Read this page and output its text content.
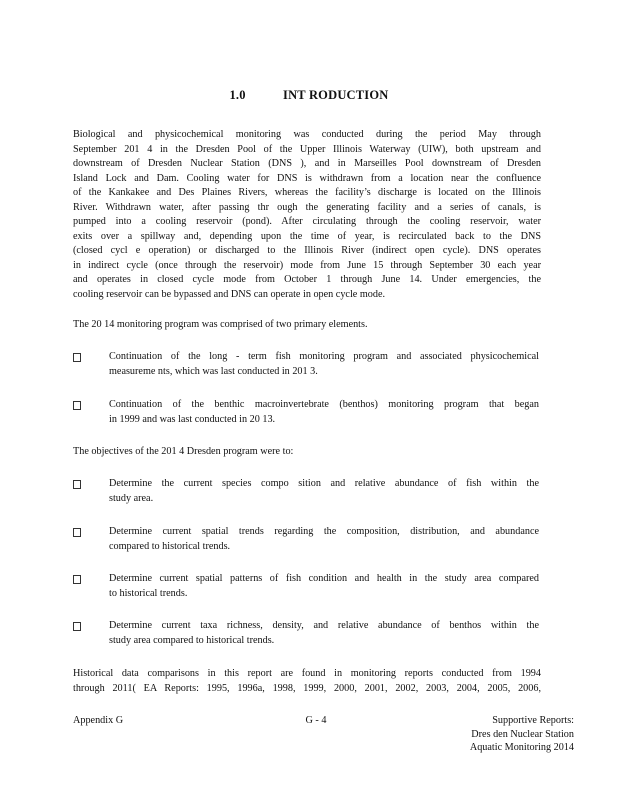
1.0	INT RODUCTION
Biological and physicochemical monitoring was conducted during the period May through
September 201 4 in the Dresden Pool of the Upper Illinois Waterway (UIW), both upstream and
downstream of Dresden Nuclear Station (DNS ), and in Marseilles Pool downstream of Dresden
Island Lock and Dam. Cooling water for DNS is withdrawn from a location near the confluence
of the Kankakee and Des Plaines Rivers, whereas the facility’s discharge is located on the Illinois
River. Withdrawn water, after passing thr ough the generating facility and a series of canals, is
pumped into a cooling reservoir (pond). After circulating through the cooling reservoir, water
exits over a spillway and, depending upon the time of year, is recirculated back to the DNS
(closed cycl e operation) or discharged to the Illinois River (indirect open cycle). DNS operates
in indirect cycle (once through the reservoir) mode from June 15 through September 30 each year
and operates in closed cycle mode from October 1 through June 14. Under emergencies, the
cooling reservoir can be bypassed and DNS can operate in open cycle mode.

The 20 14 monitoring program was comprised of two primary elements.

Continuation of the long - term fish monitoring program and associated physicochemical
measureme nts, which was last conducted in 201 3.
Continuation of the benthic macroinvertebrate (benthos) monitoring program that began
in 1999 and was last conducted in 20 13.

The objectives of the 201 4 Dresden program were to:

Determine the current species compo sition and relative abundance of fish within the
study area.
Determine current spatial trends regarding the composition, distribution, and abundance
compared to historical trends.
Determine current spatial patterns of fish condition and health in the study area compared
to historical trends.
Determine current taxa richness, density, and relative abundance of benthos within the
study area compared to historical trends.
Historical data comparisons in this report are found in monitoring reports conducted from 1994
through 2011( EA Reports: 1995, 1996a, 1998, 1999, 2000, 2001, 2002, 2003, 2004, 2005, 2006,
Appendix G	G - 4	Supportive Reports:
Dres den Nuclear Station
Aquatic Monitoring 2014
